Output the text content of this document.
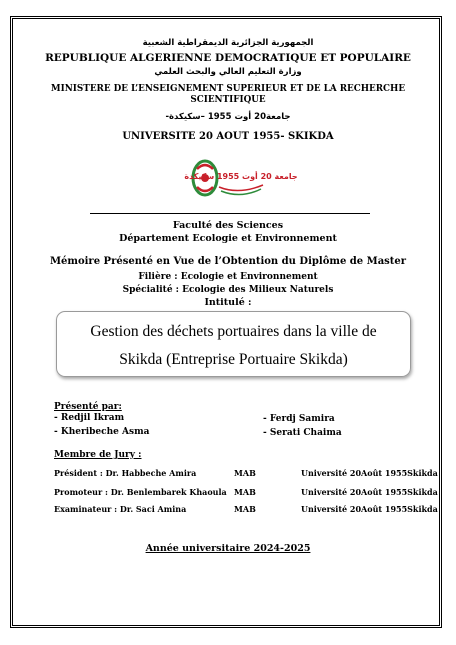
الجمهورية الجزائرية الديمقراطية الشعبية
REPUBLIQUE ALGERIENNE DEMOCRATIQUE ET POPULAIRE
وزارة التعليم العالي والبحث العلمي
MINISTERE DE L’ENSEIGNEMENT SUPERIEUR ET DE LA RECHERCHE
SCIENTIFIQUE
جامعة20 أوت 1955 –سكيكدة-
UNIVERSITE 20 AOUT 1955- SKIKDA
جامعة 20 أوت 1955 سكيكدة
Faculté des Sciences
Département Ecologie et Environnement
Mémoire Présenté en Vue de l’Obtention du Diplôme de Master
Filière : Ecologie et Environnement
Spécialité : Ecologie des Milieux Naturels
Intitulé :
Gestion des déchets portuaires dans la ville de
Skikda (Entreprise Portuaire Skikda)
Présenté par:
- Redjil Ikram
- Kheribeche Asma
- Ferdj Samira
- Serati Chaima
Membre de Jury :
Président : Dr. Habbeche Amira	MAB	Université 20Août 1955Skikda
Promoteur : Dr. Benlembarek Khaoula MAB	Université 20Août 1955Skikda
Examinateur : Dr. Saci Amina	MAB	Université 20Août 1955Skikda
Année universitaire 2024-2025
